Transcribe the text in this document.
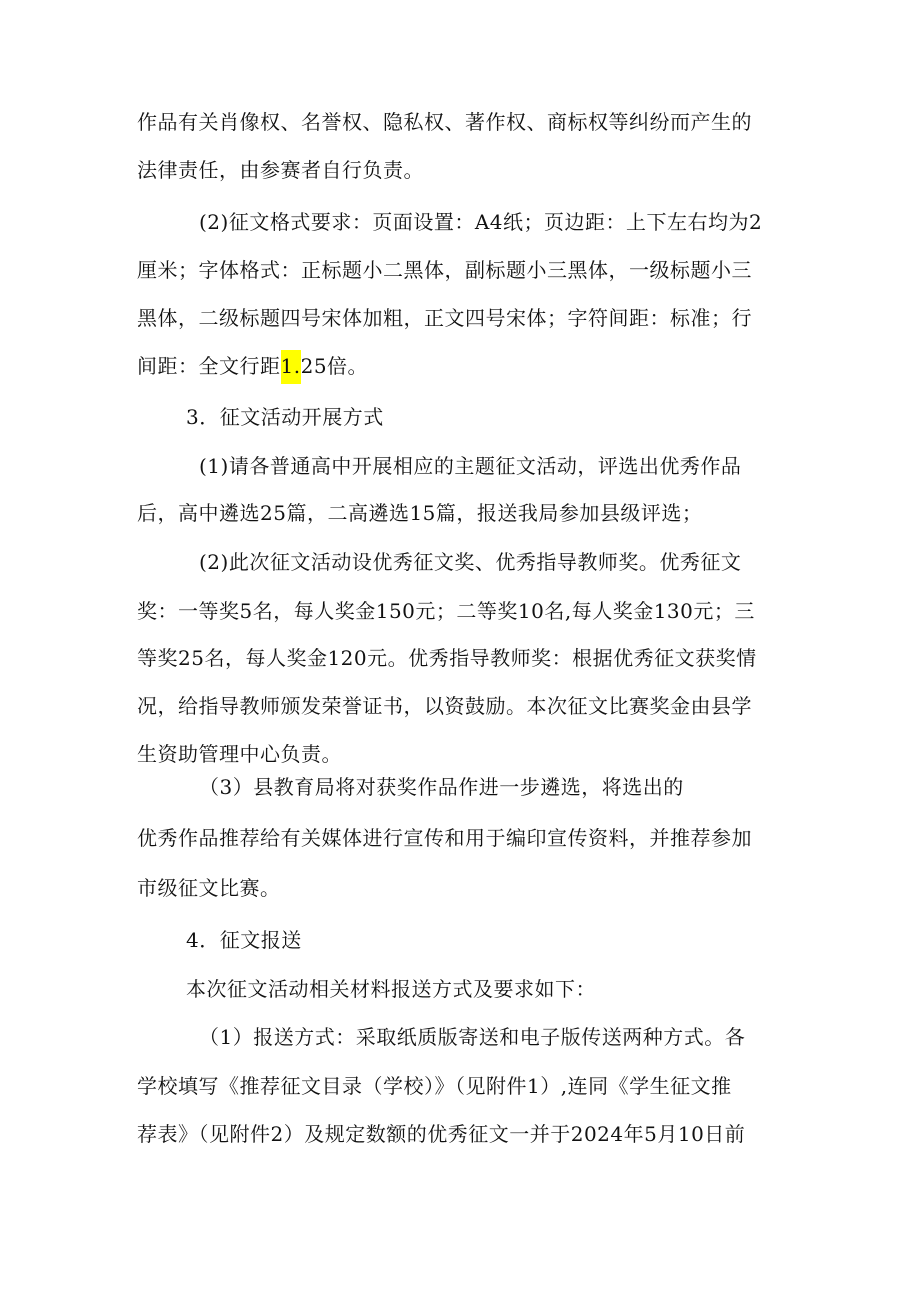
作品有关肖像权、名誉权、隐私权、著作权、商标权等纠纷而产生的
法律责任，由参赛者自行负责。
(2)征文格式要求：页面设置：A4纸；页边距：上下左右均为2
厘米；字体格式：正标题小二黑体，副标题小三黑体，一级标题小三
黑体，二级标题四号宋体加粗，正文四号宋体；字符间距：标准；行
间距：全文行距1.25倍。
3．征文活动开展方式
(1)请各普通高中开展相应的主题征文活动，评选出优秀作品
后，高中遴选25篇，二高遴选15篇，报送我局参加县级评选；
(2)此次征文活动设优秀征文奖、优秀指导教师奖。优秀征文
奖：一等奖5名，每人奖金150元；二等奖10名,每人奖金130元；三
等奖25名，每人奖金120元。优秀指导教师奖：根据优秀征文获奖情
况，给指导教师颁发荣誉证书，以资鼓励。本次征文比赛奖金由县学
生资助管理中心负责。
（3）县教育局将对获奖作品作进一步遴选，将选出的
优秀作品推荐给有关媒体进行宣传和用于编印宣传资料，并推荐参加
市级征文比赛。
4．征文报送
本次征文活动相关材料报送方式及要求如下：
（1）报送方式：采取纸质版寄送和电子版传送两种方式。各
学校填写《推荐征文目录（学校）》（见附件1）,连同《学生征文推
荐表》（见附件2）及规定数额的优秀征文一并于2024年5月10日前
